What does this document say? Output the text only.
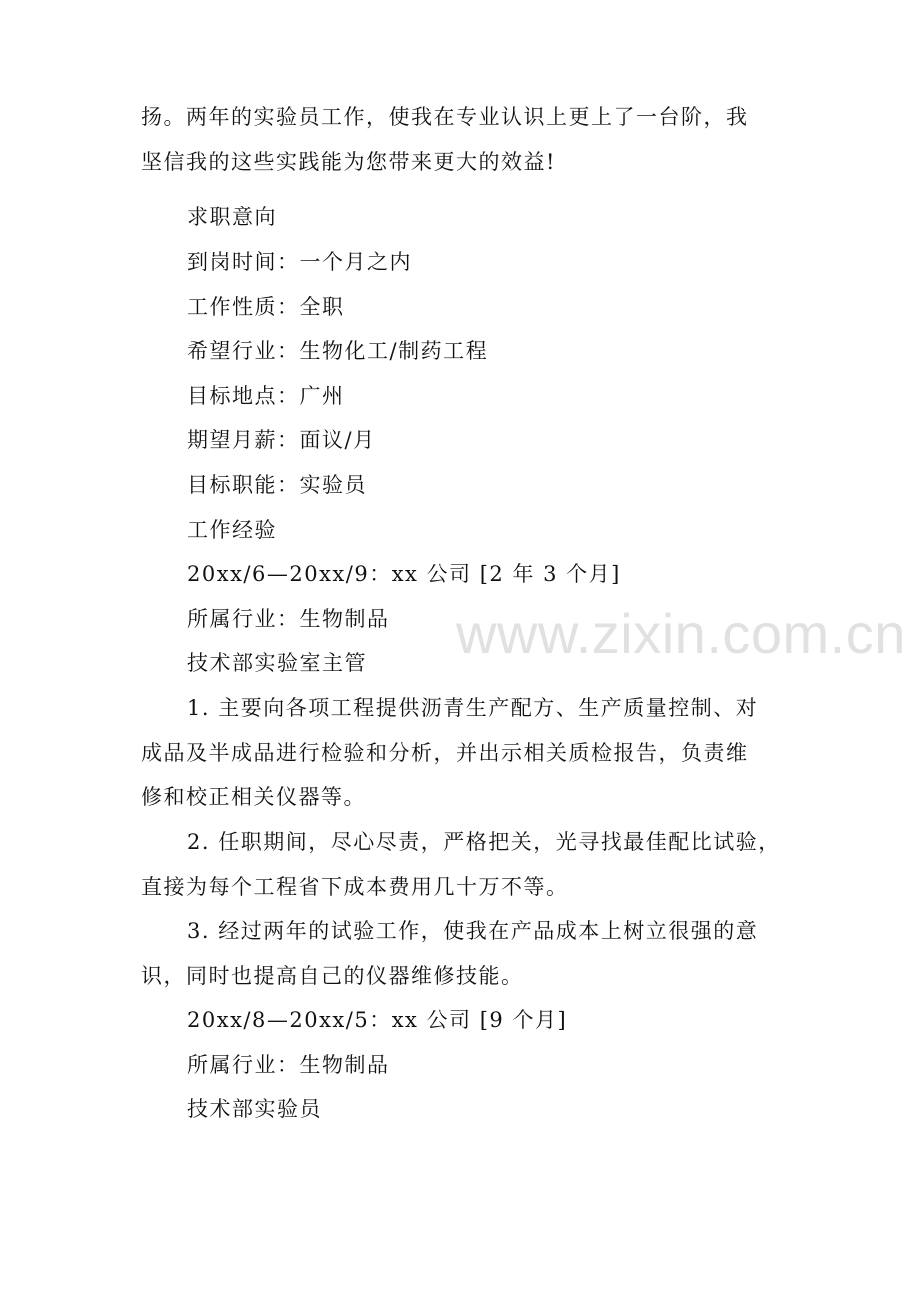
扬。两年的实验员工作，使我在专业认识上更上了一台阶，我
坚信我的这些实践能为您带来更大的效益!
求职意向
到岗时间：一个月之内
工作性质：全职
希望行业：生物化工/制药工程
目标地点：广州
期望月薪：面议/月
目标职能：实验员
工作经验
20xx/6—20xx/9：xx 公司 [2 年 3 个月]
所属行业：生物制品
技术部实验室主管
1. 主要向各项工程提供沥青生产配方、生产质量控制、对
成品及半成品进行检验和分析，并出示相关质检报告，负责维
修和校正相关仪器等。
2. 任职期间，尽心尽责，严格把关，光寻找最佳配比试验，
直接为每个工程省下成本费用几十万不等。
3. 经过两年的试验工作，使我在产品成本上树立很强的意
识，同时也提高自己的仪器维修技能。
20xx/8—20xx/5：xx 公司 [9 个月]
所属行业：生物制品
技术部实验员
www.zixin.com.cn
